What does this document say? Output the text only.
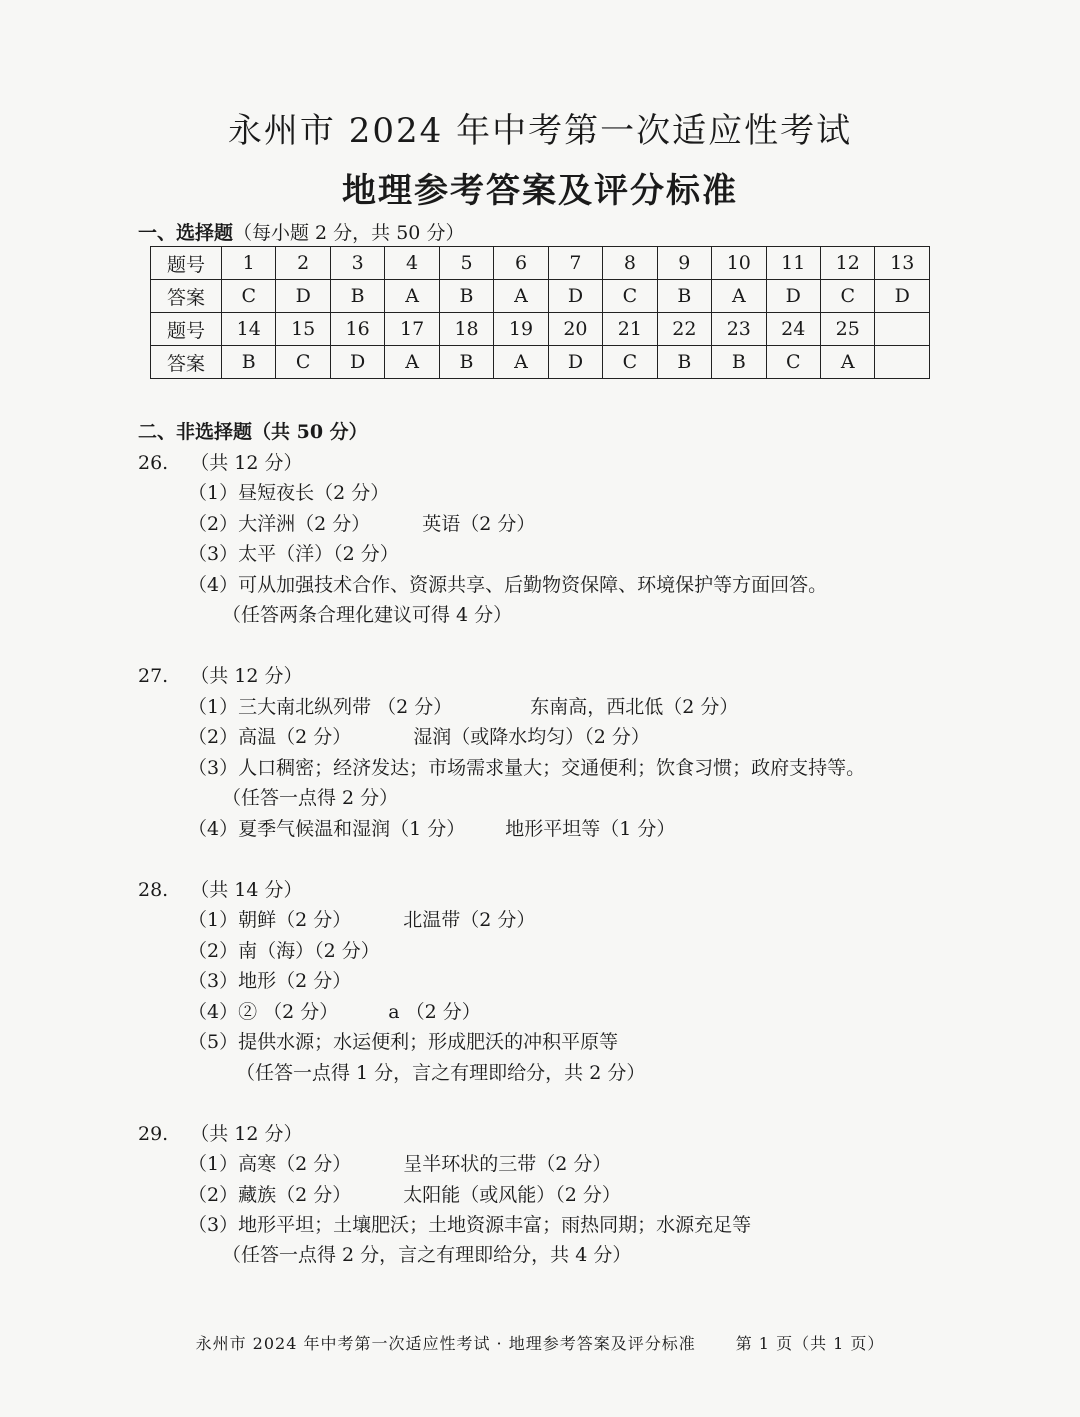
永州市 2024 年中考第一次适应性考试
地理参考答案及评分标准
一、选择题（每小题 2 分，共 50 分）
题号	1	2	3	4	5	6	7	8	9	10	11	12	13
答案	C	D	B	A	B	A	D	C	B	A	D	C	D
题号	14	15	16	17	18	19	20	21	22	23	24	25	
答案	B	C	D	A	B	A	D	C	B	B	C	A	
二、非选择题（共 50 分）
26. （共 12 分）
（1）昼短夜长（2 分）
（2）大洋洲（2 分）	英语（2 分）
（3）太平（洋）（2 分）
（4）可从加强技术合作、资源共享、后勤物资保障、环境保护等方面回答。
（任答两条合理化建议可得 4 分）
27. （共 12 分）
（1）三大南北纵列带 （2 分）	东南高，西北低（2 分）
（2）高温（2 分）	湿润（或降水均匀）（2 分）
（3）人口稠密；经济发达；市场需求量大；交通便利；饮食习惯；政府支持等。
（任答一点得 2 分）
（4）夏季气候温和湿润（1 分） 地形平坦等（1 分）
28. （共 14 分）
（1）朝鲜（2 分）	北温带（2 分）
（2）南（海）（2 分）
（3）地形（2 分）
（4）② （2 分）	a （2 分）
（5）提供水源；水运便利；形成肥沃的冲积平原等
（任答一点得 1 分，言之有理即给分，共 2 分）
29. （共 12 分）
（1）高寒（2 分）	呈半环状的三带（2 分）
（2）藏族（2 分）	太阳能（或风能）（2 分）
（3）地形平坦；土壤肥沃；土地资源丰富；雨热同期；水源充足等
（任答一点得 2 分，言之有理即给分，共 4 分）
永州市 2024 年中考第一次适应性考试 · 地理参考答案及评分标准	第 1 页（共 1 页）
